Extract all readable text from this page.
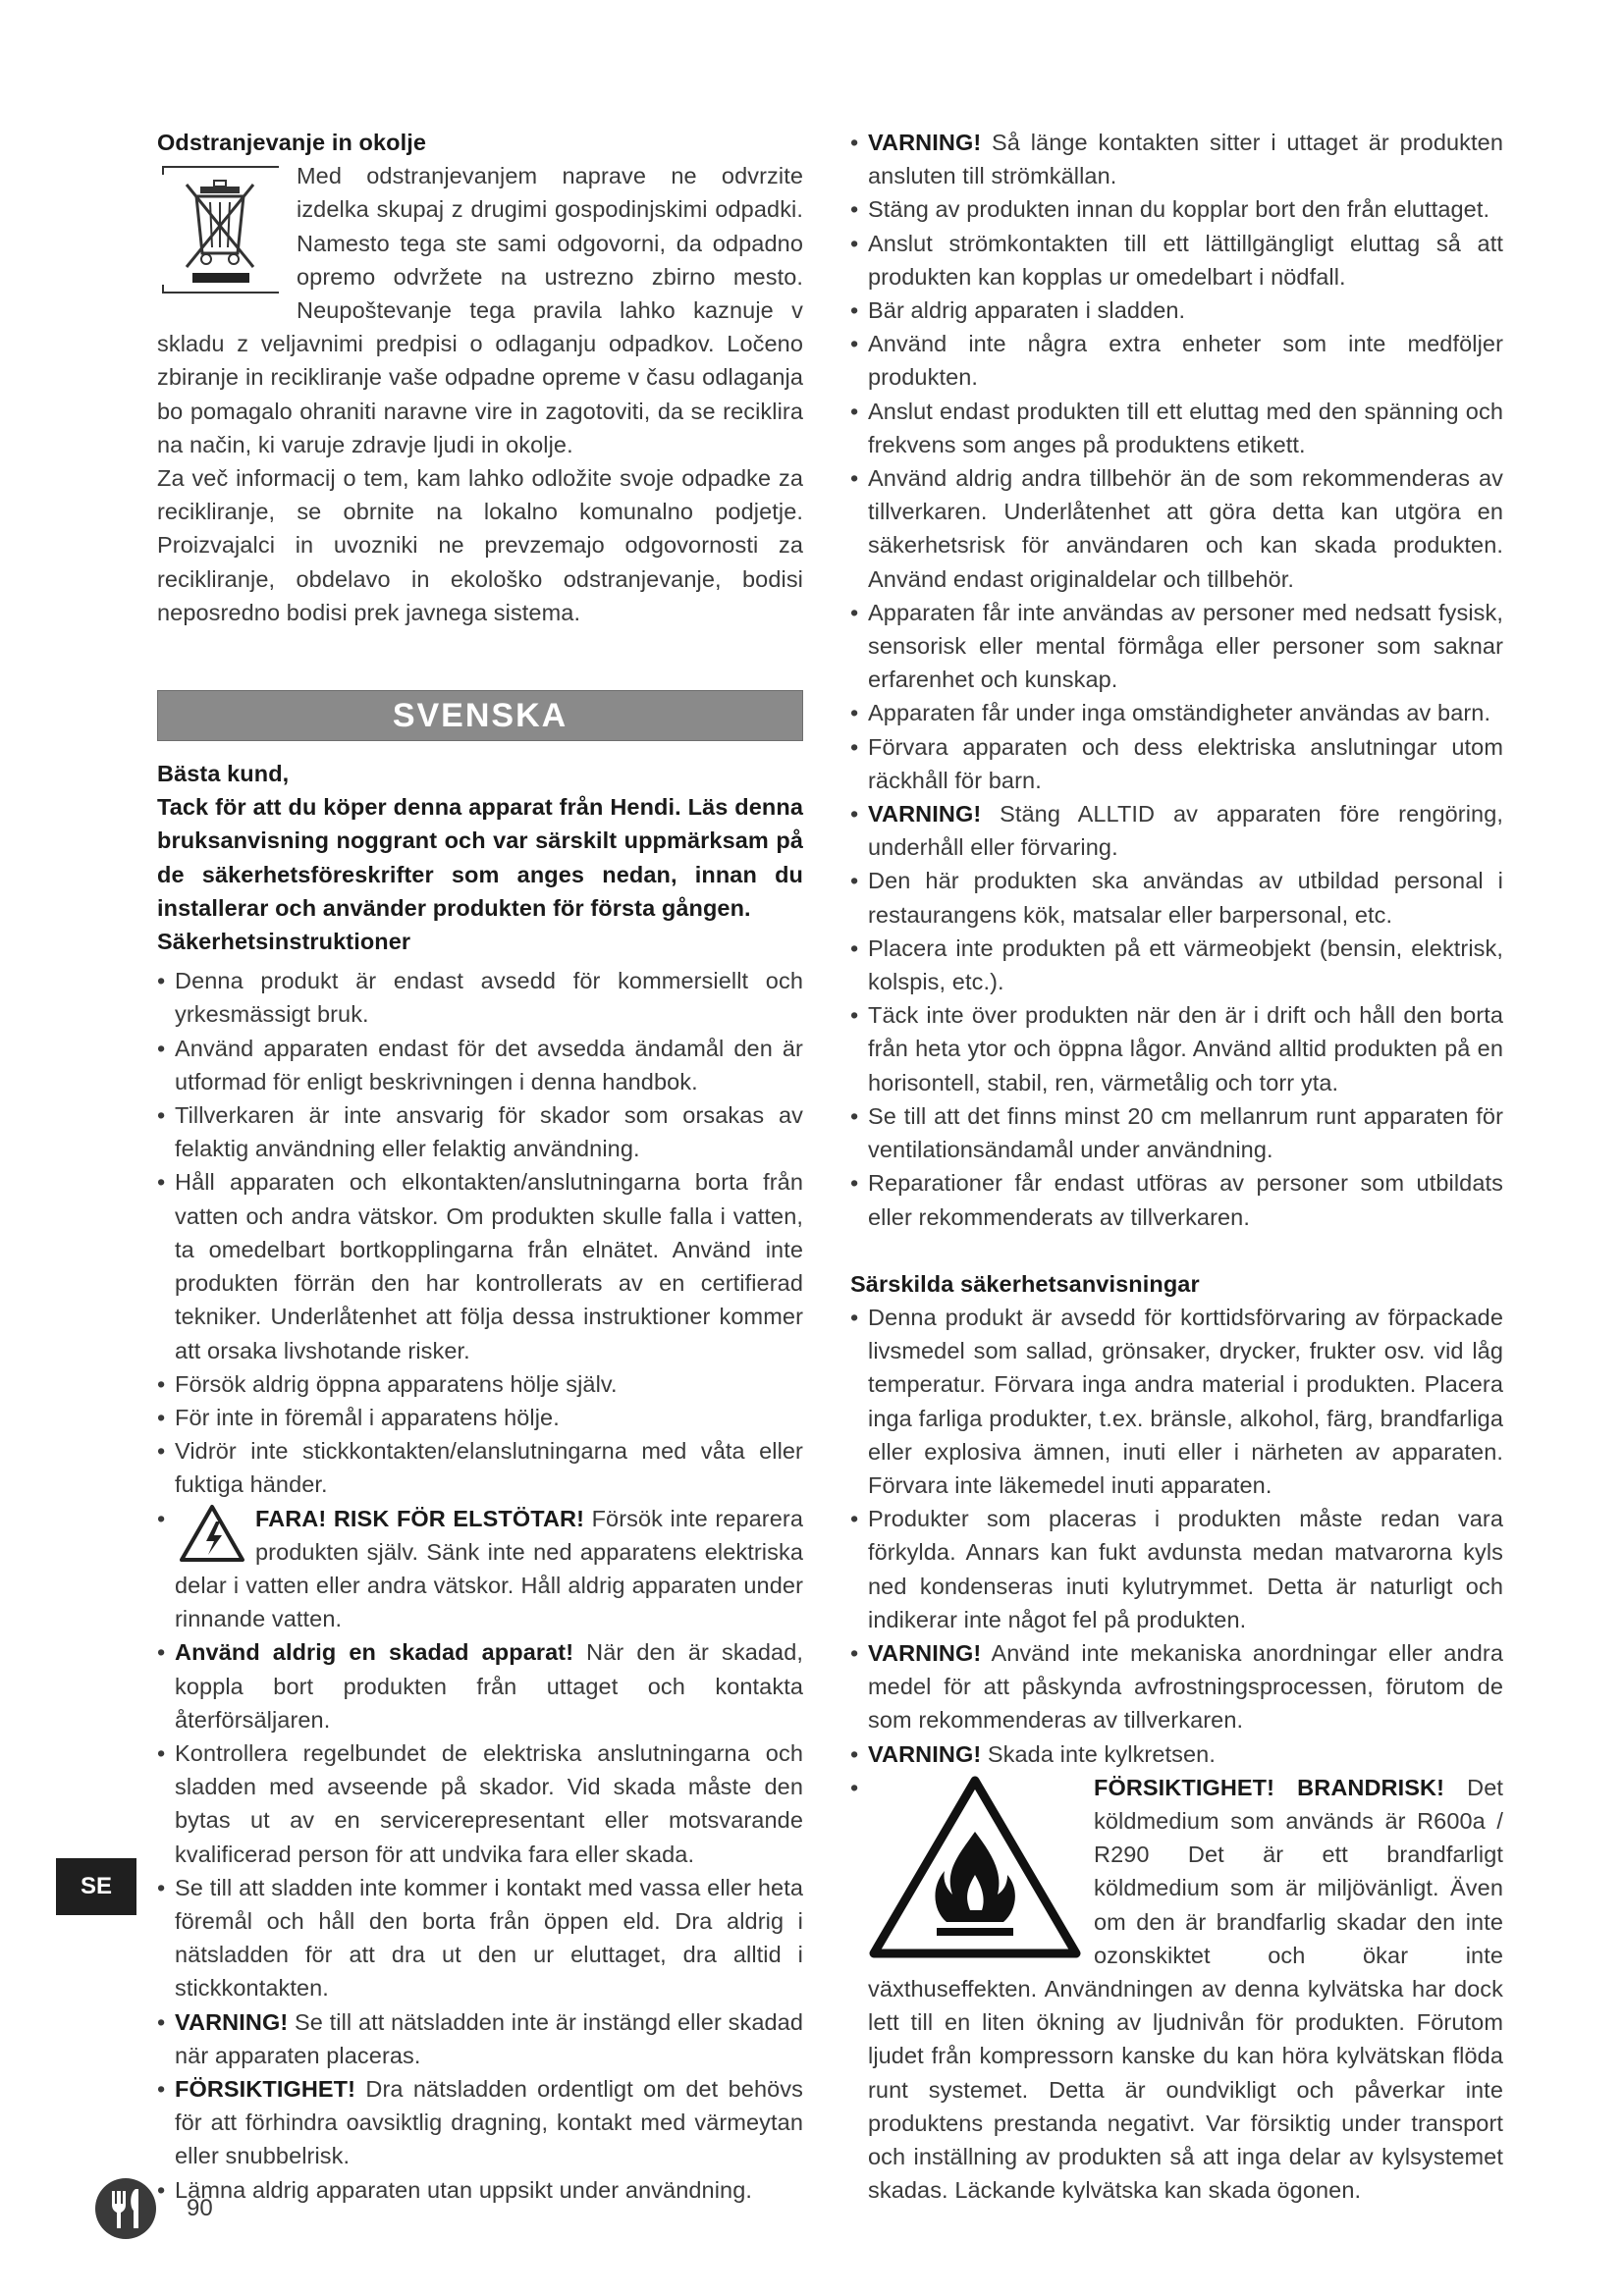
Odstranjevanje in okolje

Med odstranjevanjem naprave ne odvrzite izdelka skupaj z drugimi gospodinjskimi odpadki. Namesto tega ste sami odgovorni, da odpadno opremo odvržete na ustrezno zbirno mesto. Neupoštevanje tega pravila lahko kaznuje v skladu z veljavnimi predpisi o odlaganju odpadkov. Ločeno zbiranje in recikliranje vaše odpadne opreme v času odlaganja bo pomagalo ohraniti naravne vire in zagotoviti, da se reciklira na način, ki varuje zdravje ljudi in okolje.

Za več informacij o tem, kam lahko odložite svoje odpadke za recikliranje, se obrnite na lokalno komunalno podjetje. Proizvajalci in uvozniki ne prevzemajo odgovornosti za recikliranje, obdelavo in ekološko odstranjevanje, bodisi neposredno bodisi prek javnega sistema.

SVENSKA

Bästa kund,

Tack för att du köper denna apparat från Hendi. Läs denna bruksanvisning noggrant och var särskilt uppmärksam på de säkerhetsföreskrifter som anges nedan, innan du installerar och använder produkten för första gången.

Säkerhetsinstruktioner

• Denna produkt är endast avsedd för kommersiellt och yrkesmässigt bruk.
• Använd apparaten endast för det avsedda ändamål den är utformad för enligt beskrivningen i denna handbok.
• Tillverkaren är inte ansvarig för skador som orsakas av felaktig användning eller felaktig användning.
• Håll apparaten och elkontakten/anslutningarna borta från vatten och andra vätskor. Om produkten skulle falla i vatten, ta omedelbart bortkopplingarna från elnätet. Använd inte produkten förrän den har kontrollerats av en certifierad tekniker. Underlåtenhet att följa dessa instruktioner kommer att orsaka livshotande risker.
• Försök aldrig öppna apparatens hölje själv.
• För inte in föremål i apparatens hölje.
• Vidrör inte stickkontakten/elanslutningarna med våta eller fuktiga händer.
• FARA! RISK FÖR ELSTÖTAR! Försök inte reparera produkten själv. Sänk inte ned apparatens elektriska delar i vatten eller andra vätskor. Håll aldrig apparaten under rinnande vatten.
• Använd aldrig en skadad apparat! När den är skadad, koppla bort produkten från uttaget och kontakta återförsäljaren.
• Kontrollera regelbundet de elektriska anslutningarna och sladden med avseende på skador. Vid skada måste den bytas ut av en servicerepresentant eller motsvarande kvalificerad person för att undvika fara eller skada.
• Se till att sladden inte kommer i kontakt med vassa eller heta föremål och håll den borta från öppen eld. Dra aldrig i nätsladden för att dra ut den ur eluttaget, dra alltid i stickkontakten.
• VARNING! Se till att nätsladden inte är instängd eller skadad när apparaten placeras.
• FÖRSIKTIGHET! Dra nätsladden ordentligt om det behövs för att förhindra oavsiktlig dragning, kontakt med värmeytan eller snubbelrisk.
• Lämna aldrig apparaten utan uppsikt under användning.
• VARNING! Så länge kontakten sitter i uttaget är produkten ansluten till strömkällan.
• Stäng av produkten innan du kopplar bort den från eluttaget.
• Anslut strömkontakten till ett lättillgängligt eluttag så att produkten kan kopplas ur omedelbart i nödfall.
• Bär aldrig apparaten i sladden.
• Använd inte några extra enheter som inte medföljer produkten.
• Anslut endast produkten till ett eluttag med den spänning och frekvens som anges på produktens etikett.
• Använd aldrig andra tillbehör än de som rekommenderas av tillverkaren. Underlåtenhet att göra detta kan utgöra en säkerhetsrisk för användaren och kan skada produkten. Använd endast originaldelar och tillbehör.
• Apparaten får inte användas av personer med nedsatt fysisk, sensorisk eller mental förmåga eller personer som saknar erfarenhet och kunskap.
• Apparaten får under inga omständigheter användas av barn.
• Förvara apparaten och dess elektriska anslutningar utom räckhåll för barn.
• VARNING! Stäng ALLTID av apparaten före rengöring, underhåll eller förvaring.
• Den här produkten ska användas av utbildad personal i restaurangens kök, matsalar eller barpersonal, etc.
• Placera inte produkten på ett värmeobjekt (bensin, elektrisk, kolspis, etc.).
• Täck inte över produkten när den är i drift och håll den borta från heta ytor och öppna lågor. Använd alltid produkten på en horisontell, stabil, ren, värmetålig och torr yta.
• Se till att det finns minst 20 cm mellanrum runt apparaten för ventilationsändamål under användning.
• Reparationer får endast utföras av personer som utbildats eller rekommenderats av tillverkaren.

Särskilda säkerhetsanvisningar

• Denna produkt är avsedd för korttidsförvaring av förpackade livsmedel som sallad, grönsaker, drycker, frukter osv. vid låg temperatur. Förvara inga andra material i produkten. Placera inga farliga produkter, t.ex. bränsle, alkohol, färg, brandfarliga eller explosiva ämnen, inuti eller i närheten av apparaten. Förvara inte läkemedel inuti apparaten.
• Produkter som placeras i produkten måste redan vara förkylda. Annars kan fukt avdunsta medan matvarorna kyls ned kondenseras inuti kylutrymmet. Detta är naturligt och indikerar inte något fel på produkten.
• VARNING! Använd inte mekaniska anordningar eller andra medel för att påskynda avfrostningsprocessen, förutom de som rekommenderas av tillverkaren.
• VARNING! Skada inte kylkretsen.
• FÖRSIKTIGHET! BRANDRISK! Det köldmedium som används är R600a / R290 Det är ett brandfarligt köldmedium som är miljövänligt. Även om den är brandfarlig skadar den inte ozonskiktet och ökar inte växthuseffekten. Användningen av denna kylvätska har dock lett till en liten ökning av ljudnivån för produkten. Förutom ljudet från kompressorn kanske du kan höra kylvätskan flöda runt systemet. Detta är oundvikligt och påverkar inte produktens prestanda negativt. Var försiktig under transport och inställning av produkten så att inga delar av kylsystemet skadas. Läckande kylvätska kan skada ögonen.
SE
90
